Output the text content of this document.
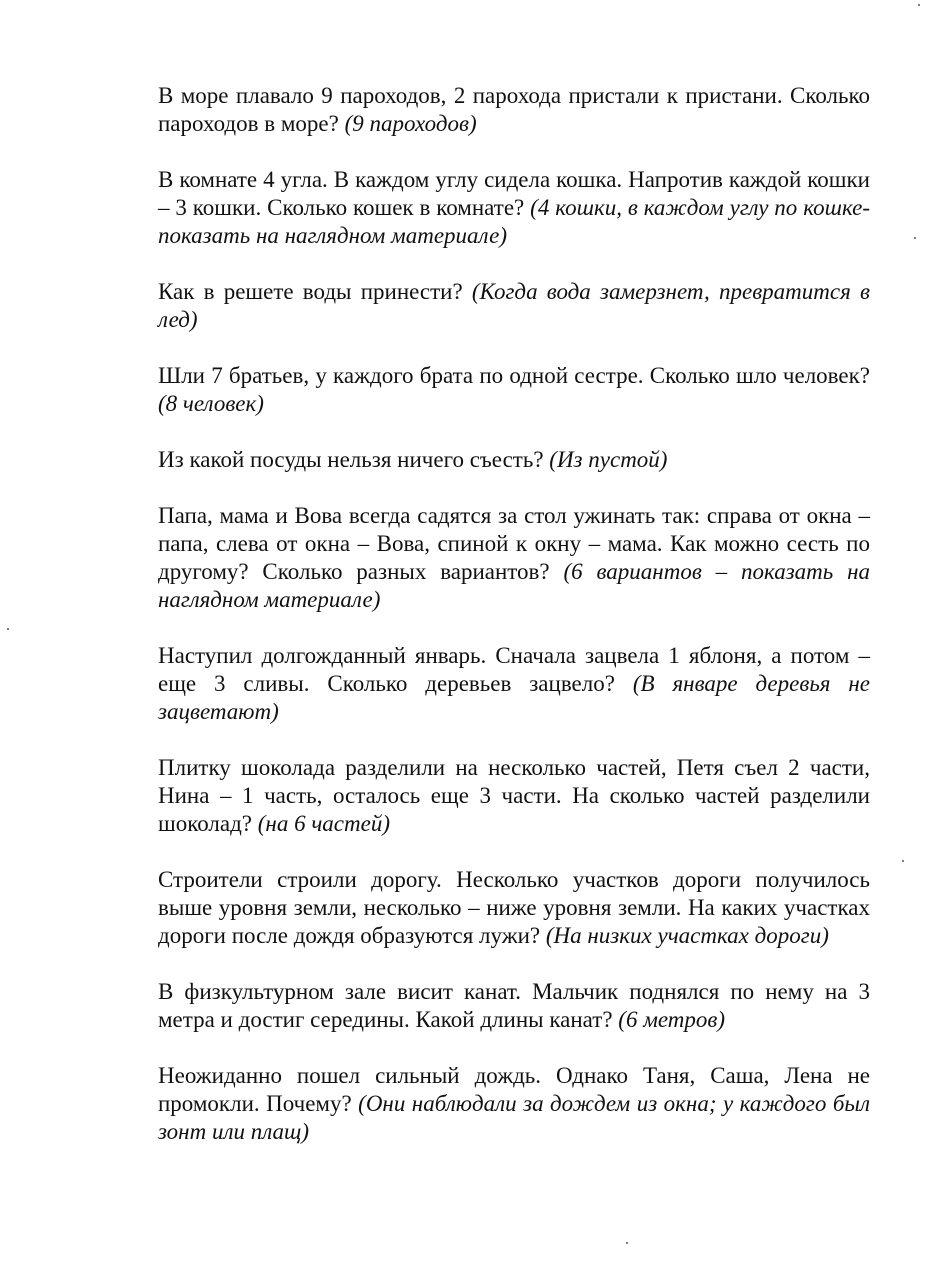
В море плавало 9 пароходов, 2 парохода пристали к пристани. Сколько пароходов в море? (9 пароходов)

В комнате 4 угла. В каждом углу сидела кошка. Напротив каждой кошки – 3 кошки. Сколько кошек в комнате? (4 кошки, в каждом углу по кошке- показать на наглядном материале)

Как в решете воды принести? (Когда вода замерзнет, превратится в лед)

Шли 7 братьев, у каждого брата по одной сестре. Сколько шло человек? (8 человек)

Из какой посуды нельзя ничего съесть? (Из пустой)

Папа, мама и Вова всегда садятся за стол ужинать так: справа от окна – папа, слева от окна – Вова, спиной к окну – мама. Как можно сесть по другому? Сколько разных вариантов? (6 вариантов – показать на наглядном материале)

Наступил долгожданный январь. Сначала зацвела 1 яблоня, а потом – еще 3 сливы. Сколько деревьев зацвело? (В январе деревья не зацветают)

Плитку шоколада разделили на несколько частей, Петя съел 2 части, Нина – 1 часть, осталось еще 3 части. На сколько частей разделили шоколад? (на 6 частей)

Строители строили дорогу. Несколько участков дороги получилось выше уровня земли, несколько – ниже уровня земли. На каких участках дороги после дождя образуются лужи? (На низких участках дороги)

В физкультурном зале висит канат. Мальчик поднялся по нему на 3 метра и достиг середины. Какой длины канат? (6 метров)

Неожиданно пошел сильный дождь. Однако Таня, Саша, Лена не промокли. Почему? (Они наблюдали за дождем из окна; у каждого был зонт или плащ)
